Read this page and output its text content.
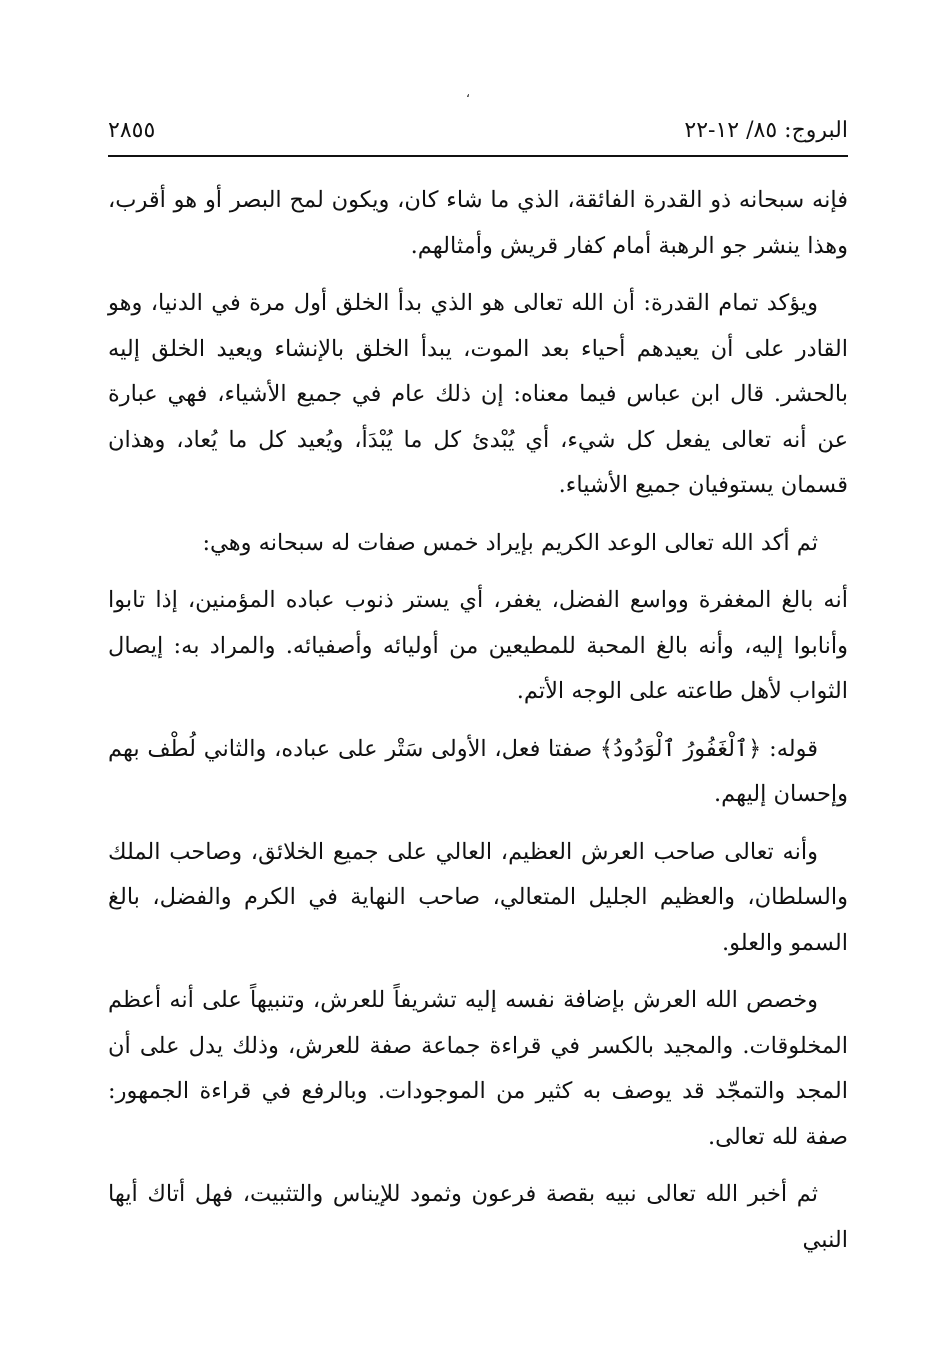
،
البروج: ٨٥/ ١٢-٢٢
٢٨٥٥

فإنه سبحانه ذو القدرة الفائقة، الذي ما شاء كان، ويكون لمح البصر أو هو أقرب، وهذا ينشر جو الرهبة أمام كفار قريش وأمثالهم.

ويؤكد تمام القدرة: أن الله تعالى هو الذي بدأ الخلق أول مرة في الدنيا، وهو القادر على أن يعيدهم أحياء بعد الموت، يبدأ الخلق بالإنشاء ويعيد الخلق إليه بالحشر. قال ابن عباس فيما معناه: إن ذلك عام في جميع الأشياء، فهي عبارة عن أنه تعالى يفعل كل شيء، أي يُبْدئ كل ما يُبْدَأ، ويُعيد كل ما يُعاد، وهذان قسمان يستوفيان جميع الأشياء.

ثم أكد الله تعالى الوعد الكريم بإيراد خمس صفات له سبحانه وهي:

أنه بالغ المغفرة وواسع الفضل، يغفر، أي يستر ذنوب عباده المؤمنين، إذا تابوا وأنابوا إليه، وأنه بالغ المحبة للمطيعين من أوليائه وأصفيائه. والمراد به: إيصال الثواب لأهل طاعته على الوجه الأتم.

قوله: ﴿ٱلْغَفُورُ ٱلْوَدُودُ﴾ صفتا فعل، الأولى سَتْر على عباده، والثاني لُطْف بهم وإحسان إليهم.

وأنه تعالى صاحب العرش العظيم، العالي على جميع الخلائق، وصاحب الملك والسلطان، والعظيم الجليل المتعالي، صاحب النهاية في الكرم والفضل، بالغ السمو والعلو.

وخصص الله العرش بإضافة نفسه إليه تشريفاً للعرش، وتنبيهاً على أنه أعظم المخلوقات. والمجيد بالكسر في قراءة جماعة صفة للعرش، وذلك يدل على أن المجد والتمجّد قد يوصف به كثير من الموجودات. وبالرفع في قراءة الجمهور: صفة لله تعالى.

ثم أخبر الله تعالى نبيه بقصة فرعون وثمود للإيناس والتثبيت، فهل أتاك أيها النبي
